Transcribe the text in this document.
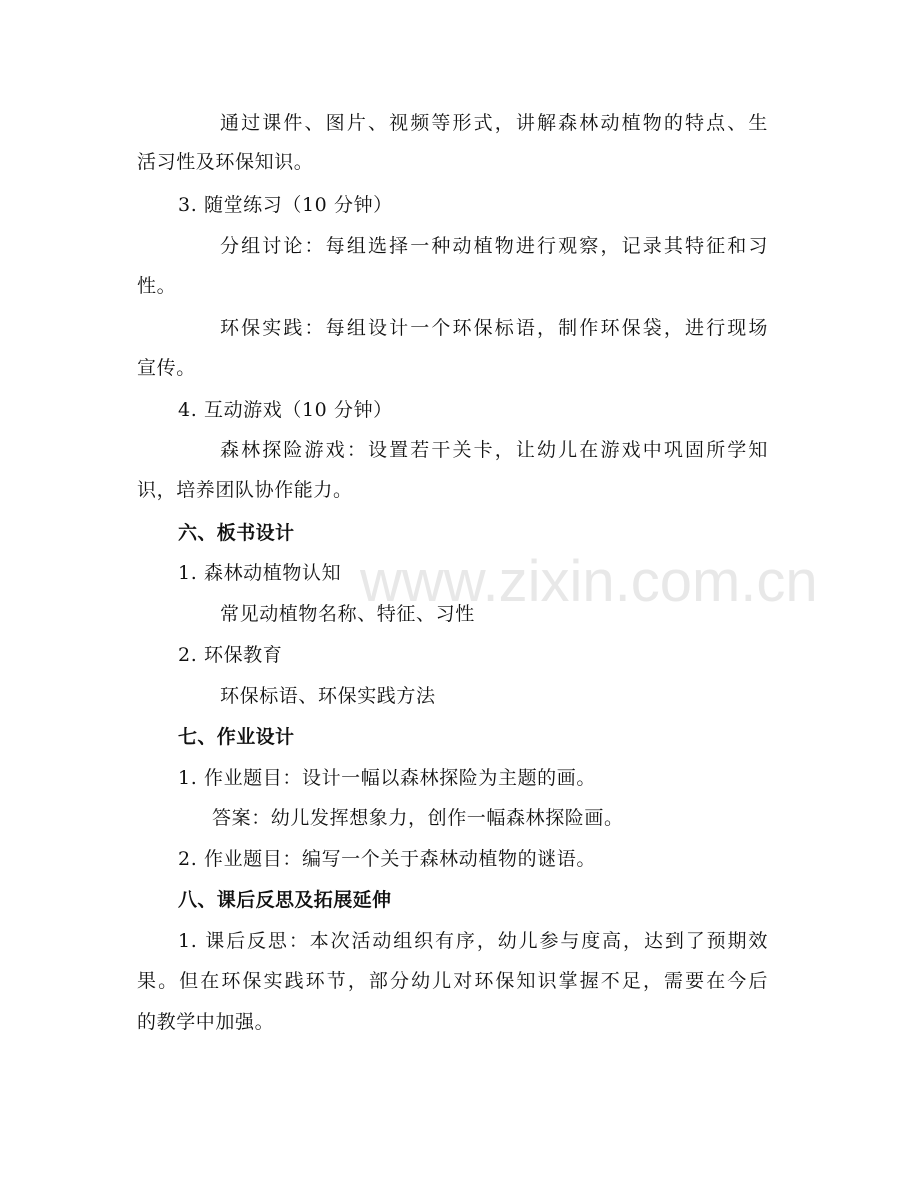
www.zixin.com.cn
通过课件、图片、视频等形式，讲解森林动植物的特点、生
活习性及环保知识。
3. 随堂练习（10 分钟）
分组讨论：每组选择一种动植物进行观察，记录其特征和习
性。
环保实践：每组设计一个环保标语，制作环保袋，进行现场
宣传。
4. 互动游戏（10 分钟）
森林探险游戏：设置若干关卡，让幼儿在游戏中巩固所学知
识，培养团队协作能力。
六、板书设计
1. 森林动植物认知
常见动植物名称、特征、习性
2. 环保教育
环保标语、环保实践方法
七、作业设计
1. 作业题目：设计一幅以森林探险为主题的画。
答案：幼儿发挥想象力，创作一幅森林探险画。
2. 作业题目：编写一个关于森林动植物的谜语。
八、课后反思及拓展延伸
1. 课后反思：本次活动组织有序，幼儿参与度高，达到了预期效
果。但在环保实践环节，部分幼儿对环保知识掌握不足，需要在今后
的教学中加强。
